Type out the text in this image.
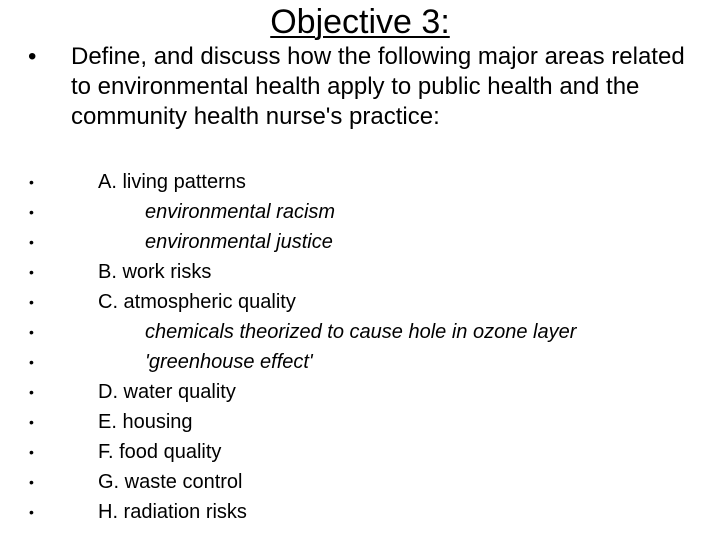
Objective 3:
• Define, and discuss how the following major areas related to environmental health apply to public health and the community health nurse's practice:
•	A. living patterns
•	environmental racism
•	environmental justice
•	B. work risks
•	C. atmospheric quality
•	chemicals theorized to cause hole in ozone layer
•	'greenhouse effect'
•	D. water quality
•	E. housing
•	F. food quality
•	G. waste control
•	H. radiation risks
